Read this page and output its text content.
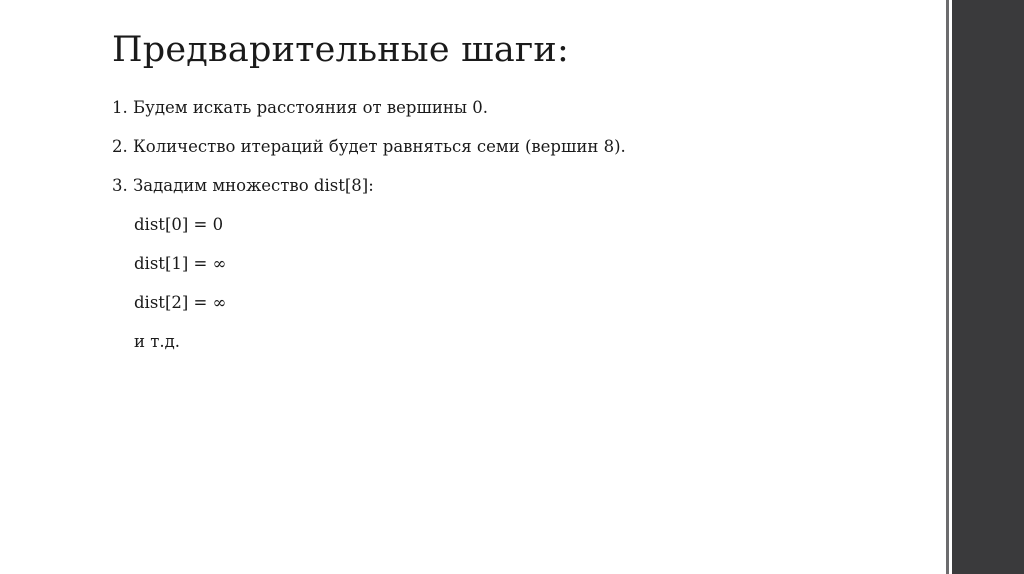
Предварительные шаги:

1. Будем искать расстояния от вершины 0.

2. Количество итераций будет равняться семи (вершин 8).

3. Зададим множество dist[8]:

dist[0] = 0

dist[1] = ∞

dist[2] = ∞

и т.д.
